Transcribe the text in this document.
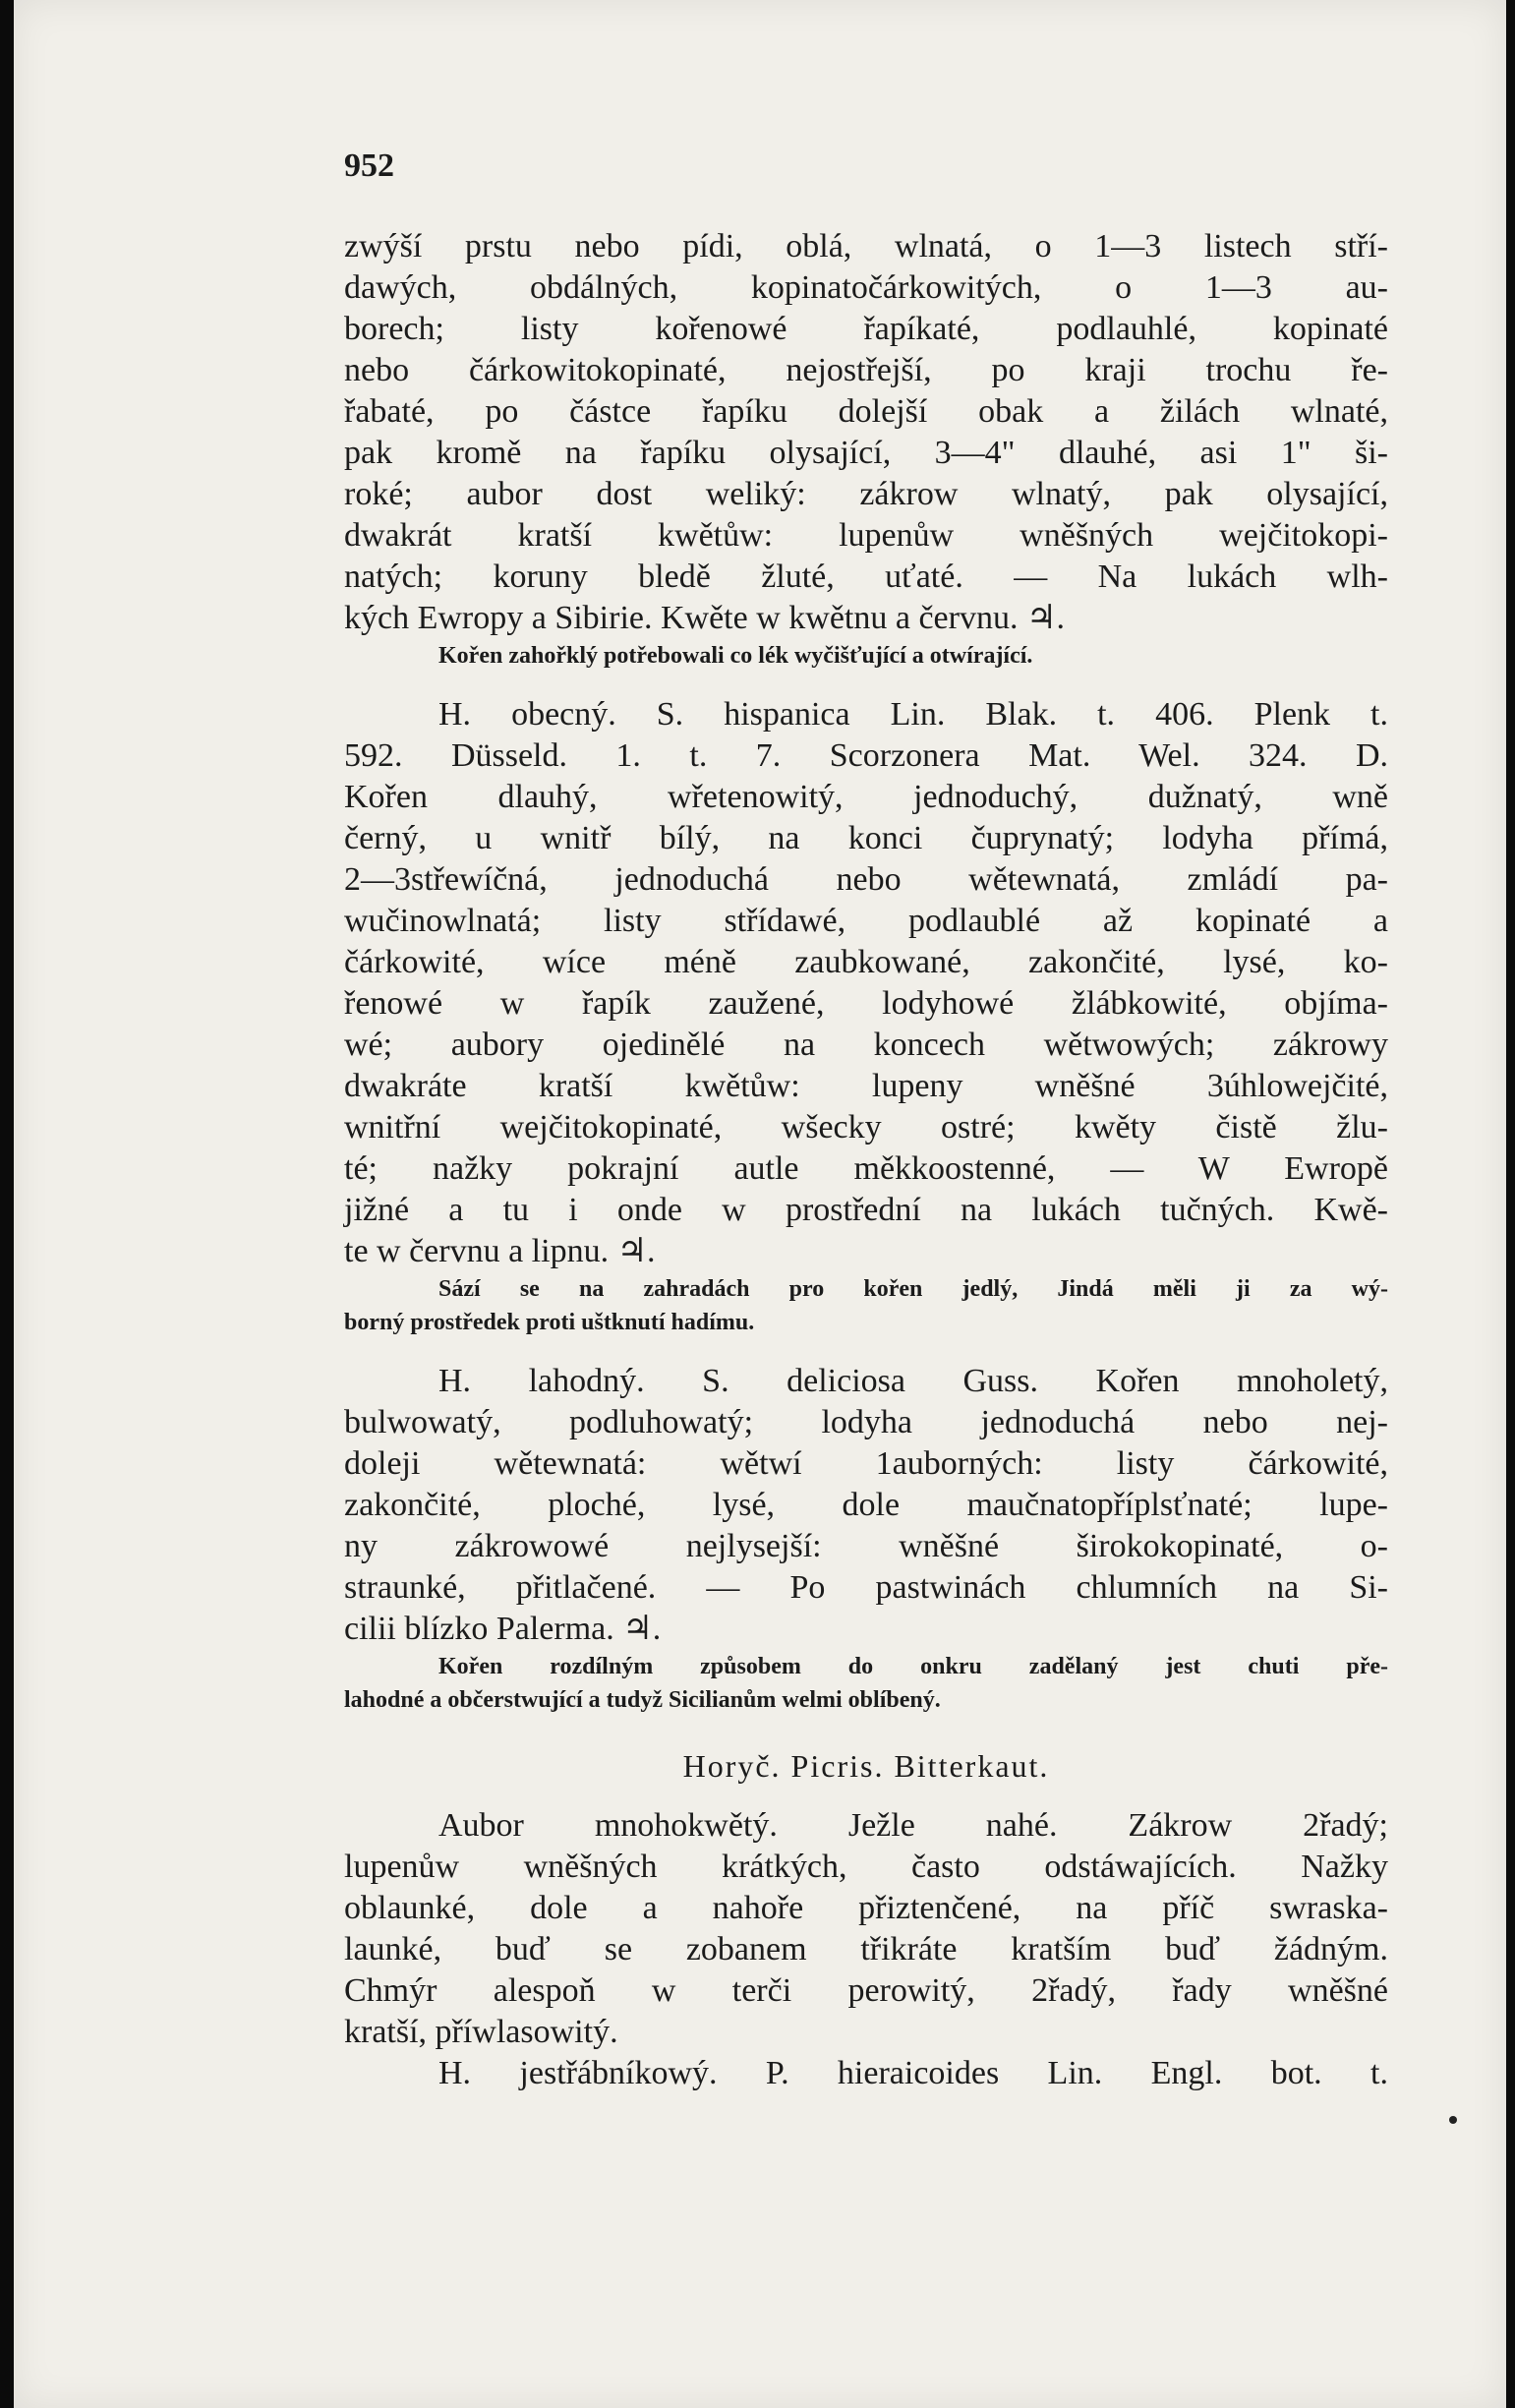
952
zwýší prstu nebo pídi, oblá, wlnatá, o 1—3 listech stří-
dawých, obdálných, kopinatočárkowitých, o 1—3 au-
borech; listy kořenowé řapíkaté, podlauhlé, kopinaté
nebo čárkowitokopinaté, nejostřejší, po kraji trochu ře-
řabaté, po částce řapíku dolejší obak a žilách wlnaté,
pak kromě na řapíku olysající, 3—4" dlauhé, asi 1" ši-
roké; aubor dost weliký: zákrow wlnatý, pak olysající,
dwakrát kratší kwětůw: lupenůw wněšných wejčitokopi-
natých; koruny bledě žluté, uťaté. — Na lukách wlh-
kých Ewropy a Sibirie. Kwěte w kwětnu a červnu. ♃.
Kořen zahořklý potřebowali co lék wyčišťující a otwírající.
H. obecný. S. hispanica Lin. Blak. t. 406. Plenk t.
592. Düsseld. 1. t. 7. Scorzonera Mat. Wel. 324. D.
Kořen dlauhý, wřetenowitý, jednoduchý, dužnatý, wně
černý, u wnitř bílý, na konci čuprynatý; lodyha přímá,
2—3střewíčná, jednoduchá nebo wětewnatá, zmládí pa-
wučinowlnatá; listy střídawé, podlaublé až kopinaté a
čárkowité, wíce méně zaubkowané, zakončité, lysé, ko-
řenowé w řapík zaužené, lodyhowé žlábkowité, objíma-
wé; aubory ojedinělé na koncech wětwowých; zákrowy
dwakráte kratší kwětůw: lupeny wněšné 3úhlowejčité,
wnitřní wejčitokopinaté, wšecky ostré; kwěty čistě žlu-
té; nažky pokrajní autle měkkoostenné, — W Ewropě
jižné a tu i onde w prostřední na lukách tučných. Kwě-
te w červnu a lipnu. ♃.
Sází se na zahradách pro kořen jedlý, Jindá měli ji za wý-
borný prostředek proti uštknutí hadímu.
H. lahodný. S. deliciosa Guss. Kořen mnoholetý,
bulwowatý, podluhowatý; lodyha jednoduchá nebo nej-
doleji wětewnatá: wětwí 1auborných: listy čárkowité,
zakončité, ploché, lysé, dole maučnatopříplsťnaté; lupe-
ny zákrowowé nejlysejší: wněšné širokokopinaté, o-
straunké, přitlačené. — Po pastwinách chlumních na Si-
cilii blízko Palerma. ♃.
Kořen rozdílným způsobem do onkru zadělaný jest chuti pře-
lahodné a občerstwující a tudyž Sicilianům welmi oblíbený.
Horyč. Picris. Bitterkaut.
Aubor mnohokwětý. Ježle nahé. Zákrow 2řadý;
lupenůw wněšných krátkých, často odstáwajících. Nažky
oblaunké, dole a nahoře přiztenčené, na příč swraska-
launké, buď se zobanem třikráte kratším buď žádným.
Chmýr alespoň w terči perowitý, 2řadý, řady wněšné
kratší, příwlasowitý.
H. jestřábníkowý. P. hieraicoides Lin. Engl. bot. t.
